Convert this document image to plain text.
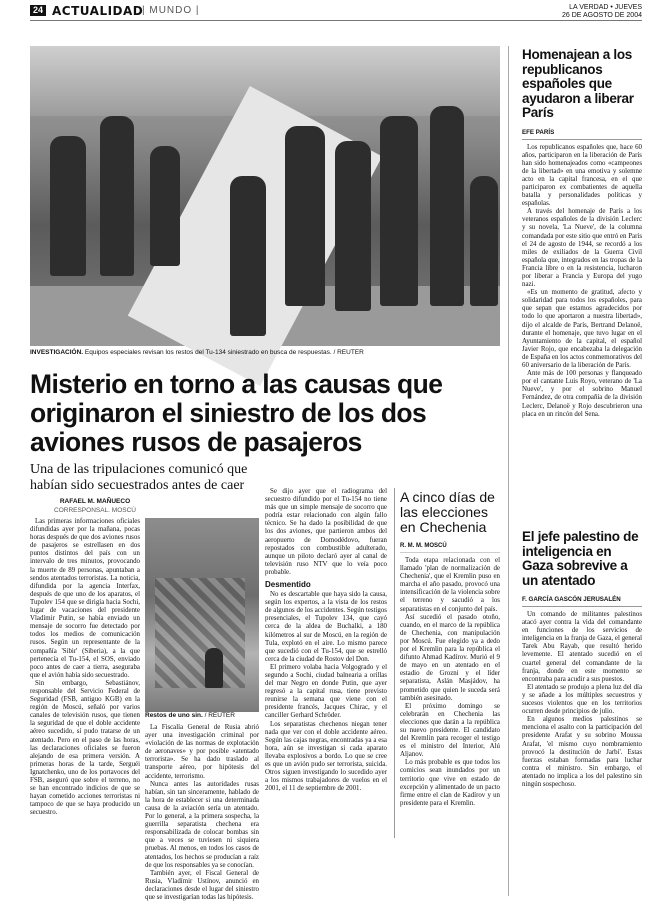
24 ACTUALIDAD
| MUNDO |	LA VERDAD • JUEVES
26 DE AGOSTO DE 2004
INVESTIGACIÓN. Equipos especiales revisan los restos del Tu-134 siniestrado en busca de respuestas. / REUTER
Misterio en torno a las causas que originaron el siniestro de los dos aviones rusos de pasajeros
Una de las tripulaciones comunicó que habían sido secuestrados antes de caer
RAFAEL M. MAÑUECO
CORRESPONSAL. MOSCÚ

Las primeras informaciones oficiales difundidas ayer por la mañana, pocas horas después de que dos aviones rusos de pasajeros se estrellasen en dos puntos distintos del país con un intervalo de tres minutos, provocando la muerte de 89 personas, apuntaban a sendos atentados terroristas. La noticia, difundida por la agencia Interfax, después de que uno de los aparatos, el Tupolev 154 que se dirigía hacia Sochi, lugar de vacaciones del presidente Vladímir Putin, se había enviado un mensaje de socorro fue detectado por todos los medios de comunicación rusos. Según un representante de la compañía 'Sibir' (Siberia), a la que pertenecía el Tu-154, el SOS, enviado poco antes de caer a tierra, aseguraba que el avión había sido secuestrado.

Sin embargo, Sebastiánov, responsable del Servicio Federal de Seguridad (FSB, antiguo KGB) en la región de Moscú, señaló por varios canales de televisión rusos, que tienen la seguridad de que el doble accidente aéreo sucedido, sí pudo tratarse de un atentado. Pero en el paso de las horas, las declaraciones oficiales se fueron alejando de esa primera versión. A primeras horas de la tarde, Serguéi Ignatchenko, uno de los portavoces del FSB, aseguró que sobre el terreno, no se han encontrado indicios de que se hayan cometido acciones terroristas ni tampoco de que se haya producido un secuestro.

Restos de uno sin. / REUTER

La Fiscalía General de Rusia abrió ayer una investigación criminal por «violación de las normas de explotación de aeronaves» y por posible «atentado terrorista». Se ha dado traslado al transporte aéreo, por hipótesis del accidente, terrorismo.

Nunca antes las autoridades rusas habían, sin tan sinceramente, hablado de la hora de establecer si una determinada causa de la aviación sería un atentado. Por lo general, a la primera sospecha, la guerrilla separatista chechena era responsabilizada de colocar bombas sin que a veces se tuviesen ni siquiera pruebas. Al menos, en todos los casos de atentados, los hechos se producían a raíz de que los responsables ya se conocían.

También ayer, el Fiscal General de Rusia, Vladímir Ustínov, anunció en declaraciones desde el lugar del siniestro que se investigarían todas las hipótesis.

Se dijo ayer que el radiograma del secuestro difundido por el Tu-154 no tiene más que un simple mensaje de socorro que podría estar relacionado con algún fallo técnico. Se ha dado la posibilidad de que los dos aviones, que partieron ambos del aeropuerto de Domodédovo, fueran repostados con combustible adulterado, aunque un piloto declaró ayer al canal de televisión ruso NTV que lo veía poco probable.

Desmentido

No es descartable que haya sido la causa, según los expertos, a la vista de los restos de algunos de los accidentes. Según testigos presenciales, el Tupolev 134, que cayó cerca de la aldea de Buchalki, a 180 kilómetros al sur de Moscú, en la región de Tula, explotó en el aire. Lo mismo parece que sucedió con el Tu-154, que se estrelló cerca de la ciudad de Rostov del Don.

El primero volaba hacia Volgogrado y el segundo a Sochi, ciudad balnearia a orillas del mar Negro en donde Putin, que ayer regresó a la capital rusa, tiene previsto reunirse la semana que viene con el presidente francés, Jacques Chirac, y el canciller Gerhard Schröder.

Los separatistas chechenos niegan tener nada que ver con el doble accidente aéreo. Según las cajas negras, encontradas ya a esa hora, aún se investigan si cada aparato llevaba explosivos a bordo. Lo que se cree es que un avión pudo ser terrorista, suicida. Otros siguen investigando lo sucedido ayer a los mismos trabajadores de vuelos en el 2001, el 11 de septiembre de 2001.

A cinco días de las elecciones en Chechenia
R. M. M. MOSCÚ

Toda etapa relacionada con el llamado 'plan de normalización de Chechenia', que el Kremlin puso en marcha el año pasado, provocó una intensificación de la violencia sobre el terreno y sacudió a los separatistas en el conjunto del país.

Así sucedió el pasado otoño, cuando, en el marco de la república de Chechenia, con manipulación por Moscú. Fue elegido ya a dedo por el Kremlin para la república el difunto Ahmad Kadírov. Murió el 9 de mayo en un atentado en el estadio de Grozni y el líder separatista, Aslán Masjádov, ha prometido que quien le suceda será también asesinado.

El próximo domingo se celebrarán en Chechenia las elecciones que darán a la república su nuevo presidente. El candidato del Kremlin para recoger el testigo es el ministro del Interior, Alú Aljanov.

Lo más probable es que todos los comicios sean inundados por un territorio que vive en estado de excepción y alimentado de un pacto firme entre el clan de Kadírov y un presidente para el Kremlin.

Homenajean a los republicanos españoles que ayudaron a liberar París
EFE PARÍS

Los republicanos españoles que, hace 60 años, participaron en la liberación de París han sido homenajeados como «campeones de la libertad» en una emotiva y solemne acto en la capital francesa, en el que participaron ex combatientes de aquella batalla y personalidades políticas y españolas.

A través del homenaje de París a los veteranos españoles de la división Leclerc y su novela, 'La Nueve', de la columna comandada por este sitio que entró en París el 24 de agosto de 1944, se recordó a los miles de exiliados de la Guerra Civil española que, integrados en las tropas de la Francia libre o en la resistencia, lucharon por liberar a Francia y Europa del yugo nazi.

«Es un momento de gratitud, afecto y solidaridad para todos los españoles, para que sepan que estamos agradecidos por todo lo que aportaron a nuestra libertad», dijo el alcalde de París, Bertrand Delanoë, durante el homenaje, que tuvo lugar en el Ayuntamiento de la capital, el español Javier Rojo, que encabezaba la delegación de España en los actos conmemorativos del 60 aniversario de la liberación de París.

Ante más de 100 personas y flanqueado por el cantante Luis Royo, veterano de 'La Nueve', y por el sobrino Manuel Fernández, de otra compañía de la división Leclerc, Delanoë y Rojo descubrieron una placa en un rincón del Sena.

El jefe palestino de inteligencia en Gaza sobrevive a un atentado
F. GARCÍA GASCÓN JERUSALÉN

Un comando de militantes palestinos atacó ayer contra la vida del comandante en funciones de los servicios de inteligencia en la franja de Gaza, el general Tarek Abu Rayab, que resultó herido levemente. El atentado sucedió en el cuartel general del comandante de la franja, donde en este momento se encontraba para acudir a sus puestos.

El atentado se produjo a plena luz del día y se añade a los múltiples secuestros y sucesos violentos que en los territorios ocurren desde principios de julio.

En algunos medios palestinos se menciona el asalto con la participación del presidente Arafat y su sobrino Moussa Arafat, 'el mismo cuyo nombramiento provocó la destitución de Jarbi'. Estas fuerzas estaban formadas para luchar contra el ministro. Sin embargo, el atentado no implica a los del palestino sin ningún sospechoso.
